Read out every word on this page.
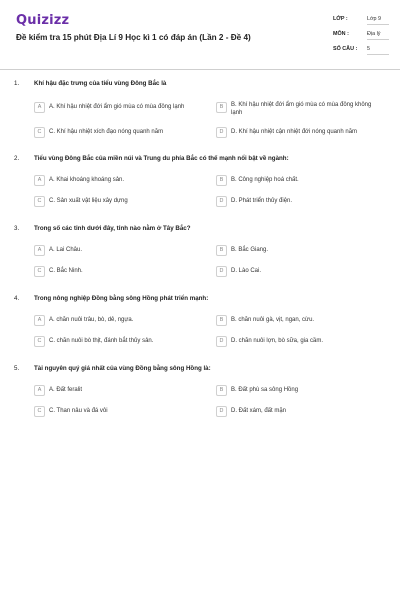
Quizizz
Đề kiểm tra 15 phút Địa Lí 9 Học kì 1 có đáp án (Lần 2 - Đề 4)
LỚP :	Lớp 9
MÔN :	Địa lý
SỐ CÂU : 5
1. Khí hậu đặc trưng của tiểu vùng Đông Bắc là
A	A. Khí hậu nhiệt đới ẩm gió mùa có mùa đông lạnh	B	B. Khí hậu nhiệt đới ẩm gió mùa có mùa đông không lạnh
C	C. Khí hậu nhiệt xích đạo nóng quanh năm	D	D. Khí hậu nhiệt cận nhiệt đới nóng quanh năm
2. Tiểu vùng Đông Bắc của miền núi và Trung du phía Bắc có thế mạnh nổi bật về ngành:
A	A. Khai khoáng khoáng sản.	B	B. Công nghiệp hoá chất.
C	C. Sản xuất vật liệu xây dựng	D	D. Phát triển thủy điện.
3. Trong số các tỉnh dưới đây, tỉnh nào nằm ở Tây Bắc?
A	A. Lai Châu.	B	B. Bắc Giang.
C	C. Bắc Ninh.	D	D. Lào Cai.
4. Trong nông nghiệp Đồng bằng sông Hồng phát triển mạnh:
A	A. chăn nuôi trâu, bò, dê, ngựa.	B	B. chăn nuôi gà, vịt, ngan, cừu.
C	C. chăn nuôi bò thịt, đánh bắt thủy sản.	D	D. chăn nuôi lợn, bò sữa, gia cầm.
5. Tài nguyên quý giá nhất của vùng Đồng bằng sông Hồng là:
A	A. Đất feralit	B	B. Đất phù sa sông Hồng
C	C. Than nâu và đá vôi	D	D. Đất xám, đất mặn
